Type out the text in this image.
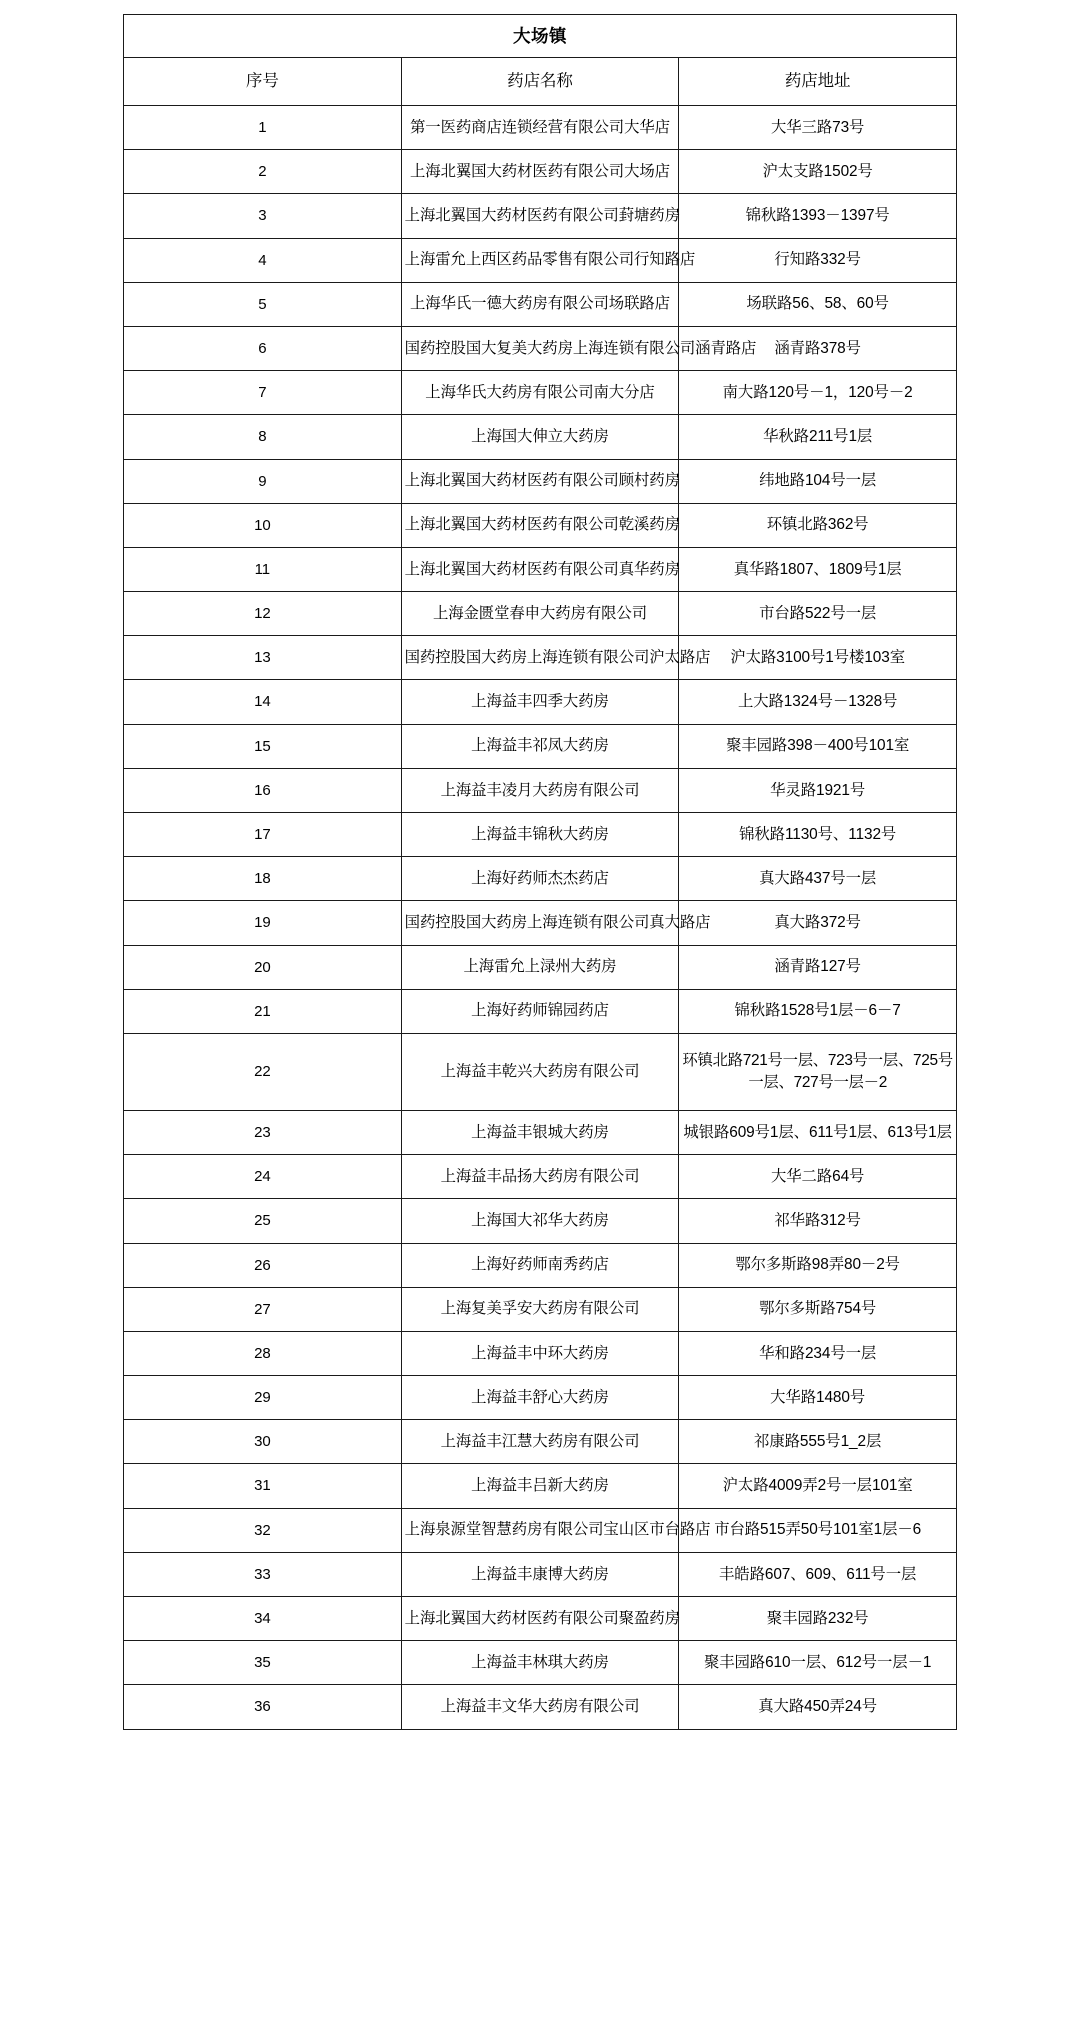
大场镇		
序号	药店名称	药店地址
1	第一医药商店连锁经营有限公司大华店	大华三路73号
2	上海北翼国大药材医药有限公司大场店	沪太支路1502号
3	上海北翼国大药材医药有限公司葑塘药房	锦秋路1393－1397号
4	上海雷允上西区药品零售有限公司行知路店	行知路332号
5	上海华氏一德大药房有限公司场联路店	场联路56、58、60号
6	国药控股国大复美大药房上海连锁有限公司涵青路店	涵青路378号
7	上海华氏大药房有限公司南大分店	南大路120号－1，120号－2
8	上海国大伸立大药房	华秋路211号1层
9	上海北翼国大药材医药有限公司顾村药房	纬地路104号一层
10	上海北翼国大药材医药有限公司乾溪药房	环镇北路362号
11	上海北翼国大药材医药有限公司真华药房	真华路1807、1809号1层
12	上海金匮堂春申大药房有限公司	市台路522号一层
13	国药控股国大药房上海连锁有限公司沪太路店	沪太路3100号1号楼103室
14	上海益丰四季大药房	上大路1324号－1328号
15	上海益丰祁凤大药房	聚丰园路398－400号101室
16	上海益丰凌月大药房有限公司	华灵路1921号
17	上海益丰锦秋大药房	锦秋路1130号、1132号
18	上海好药师杰杰药店	真大路437号一层
19	国药控股国大药房上海连锁有限公司真大路店	真大路372号
20	上海雷允上渌州大药房	涵青路127号
21	上海好药师锦园药店	锦秋路1528号1层－6－7
22	上海益丰乾兴大药房有限公司	环镇北路721号一层、723号一层、725号一层、727号一层－2
23	上海益丰银城大药房	城银路609号1层、611号1层、613号1层
24	上海益丰品扬大药房有限公司	大华二路64号
25	上海国大祁华大药房	祁华路312号
26	上海好药师南秀药店	鄂尔多斯路98弄80－2号
27	上海复美孚安大药房有限公司	鄂尔多斯路754号
28	上海益丰中环大药房	华和路234号一层
29	上海益丰舒心大药房	大华路1480号
30	上海益丰江慧大药房有限公司	祁康路555号1_2层
31	上海益丰吕新大药房	沪太路4009弄2号一层101室
32	上海泉源堂智慧药房有限公司宝山区市台路店	市台路515弄50号101室1层－6
33	上海益丰康博大药房	丰皓路607、609、611号一层
34	上海北翼国大药材医药有限公司聚盈药房	聚丰园路232号
35	上海益丰林琪大药房	聚丰园路610一层、612号一层－1
36	上海益丰文华大药房有限公司	真大路450弄24号
